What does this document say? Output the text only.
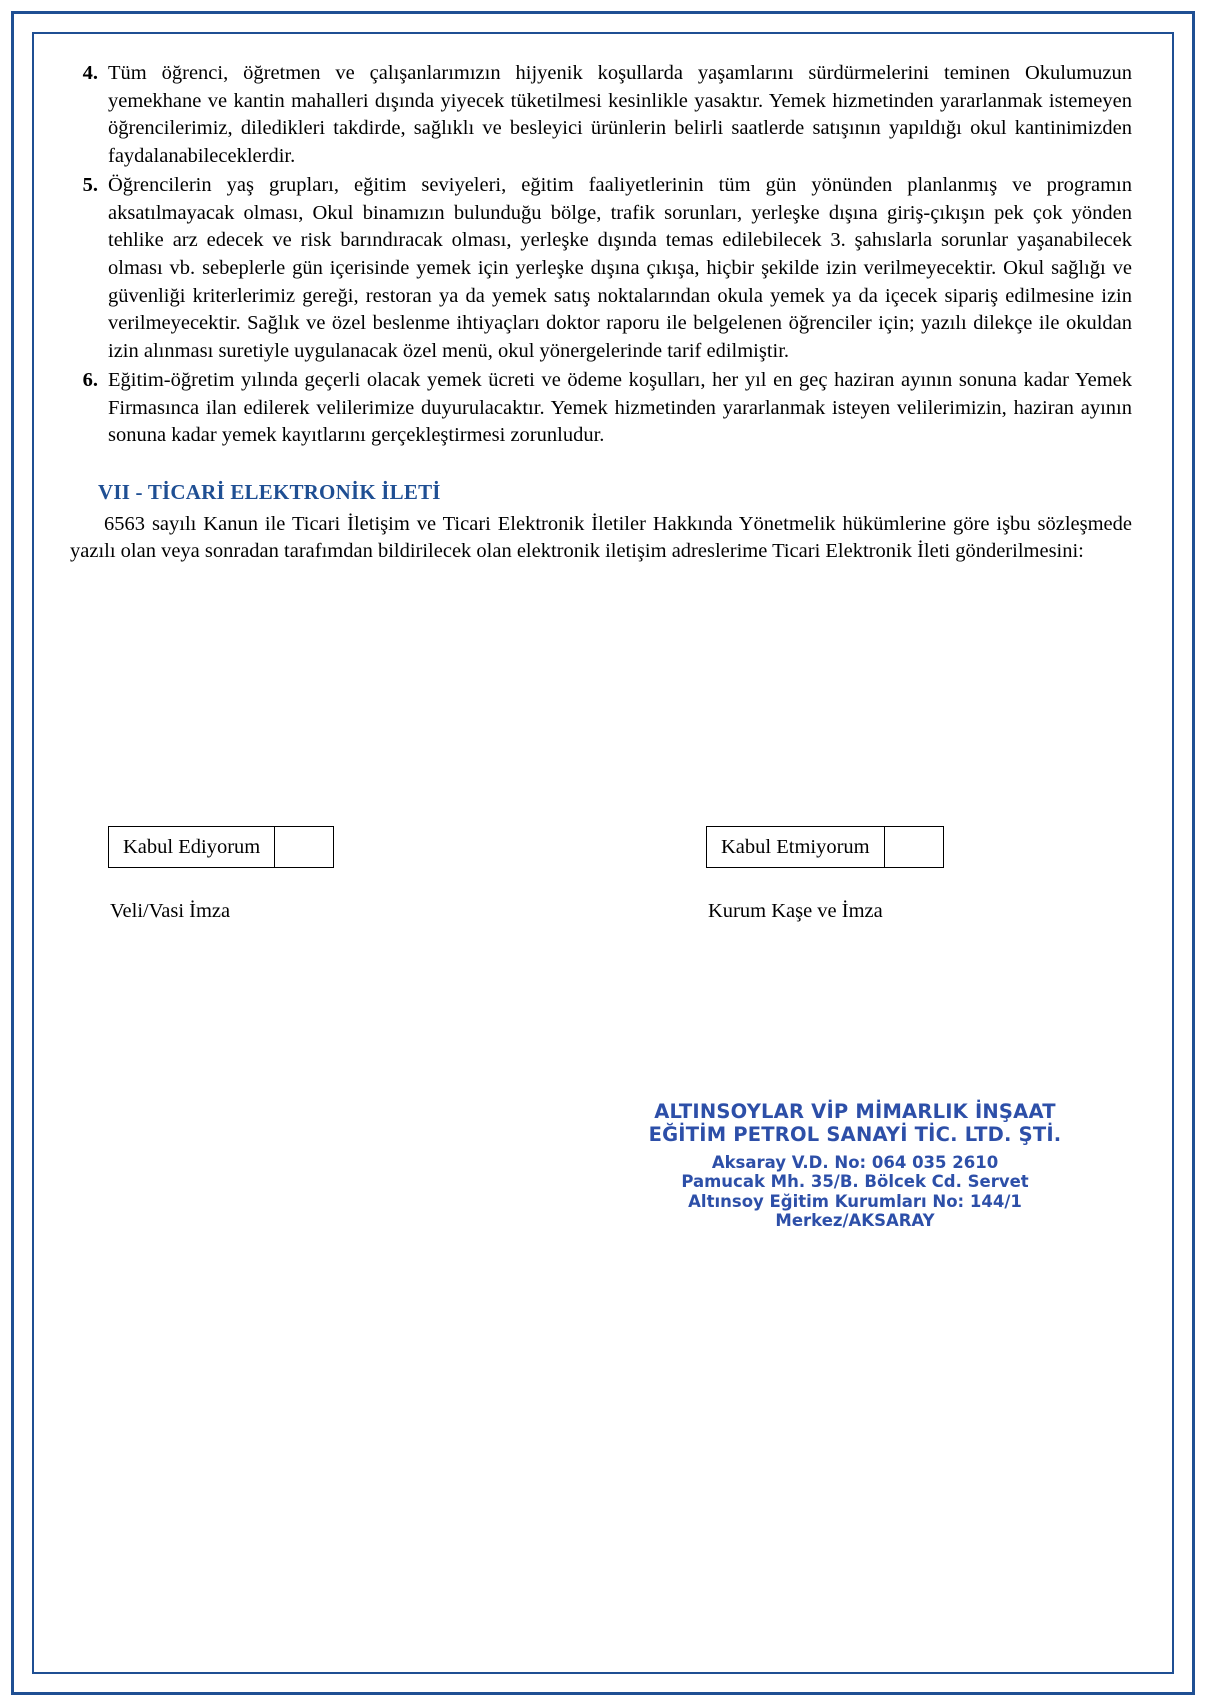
4. Tüm öğrenci, öğretmen ve çalışanlarımızın hijyenik koşullarda yaşamlarını sürdürmelerini teminen Okulumuzun yemekhane ve kantin mahalleri dışında yiyecek tüketilmesi kesinlikle yasaktır. Yemek hizmetinden yararlanmak istemeyen öğrencilerimiz, diledikleri takdirde, sağlıklı ve besleyici ürünlerin belirli saatlerde satışının yapıldığı okul kantinimizden faydalanabileceklerdir.
5. Öğrencilerin yaş grupları, eğitim seviyeleri, eğitim faaliyetlerinin tüm gün yönünden planlanmış ve programın aksatılmayacak olması, Okul binamızın bulunduğu bölge, trafik sorunları, yerleşke dışına giriş-çıkışın pek çok yönden tehlike arz edecek ve risk barındıracak olması, yerleşke dışında temas edilebilecek 3. şahıslarla sorunlar yaşanabilecek olması vb. sebeplerle gün içerisinde yemek için yerleşke dışına çıkışa, hiçbir şekilde izin verilmeyecektir. Okul sağlığı ve güvenliği kriterlerimiz gereği, restoran ya da yemek satış noktalarından okula yemek ya da içecek sipariş edilmesine izin verilmeyecektir. Sağlık ve özel beslenme ihtiyaçları doktor raporu ile belgelenen öğrenciler için; yazılı dilekçe ile okuldan izin alınması suretiyle uygulanacak özel menü, okul yönergelerinde tarif edilmiştir.
6. Eğitim-öğretim yılında geçerli olacak yemek ücreti ve ödeme koşulları, her yıl en geç haziran ayının sonuna kadar Yemek Firmasınca ilan edilerek velilerimize duyurulacaktır. Yemek hizmetinden yararlanmak isteyen velilerimizin, haziran ayının sonuna kadar yemek kayıtlarını gerçekleştirmesi zorunludur.
VII - TİCARİ ELEKTRONİK İLETİ

6563 sayılı Kanun ile Ticari İletişim ve Ticari Elektronik İletiler Hakkında Yönetmelik hükümlerine göre işbu sözleşmede yazılı olan veya sonradan tarafımdan bildirilecek olan elektronik iletişim adreslerime Ticari Elektronik İleti gönderilmesini:

Kabul Ediyorum	Kabul Etmiyorum
Veli/Vasi İmza	Kurum Kaşe ve İmza
ALTINSOYLAR VİP MİMARLIK İNŞAAT
EĞİTİM PETROL SANAYİ TİC. LTD. ŞTİ.
Aksaray V.D. No: 064 035 2610
Pamucak Mh. 35/B. Bölcek Cd. Servet
Altınsoy Eğitim Kurumları No: 144/1
Merkez/AKSARAY
